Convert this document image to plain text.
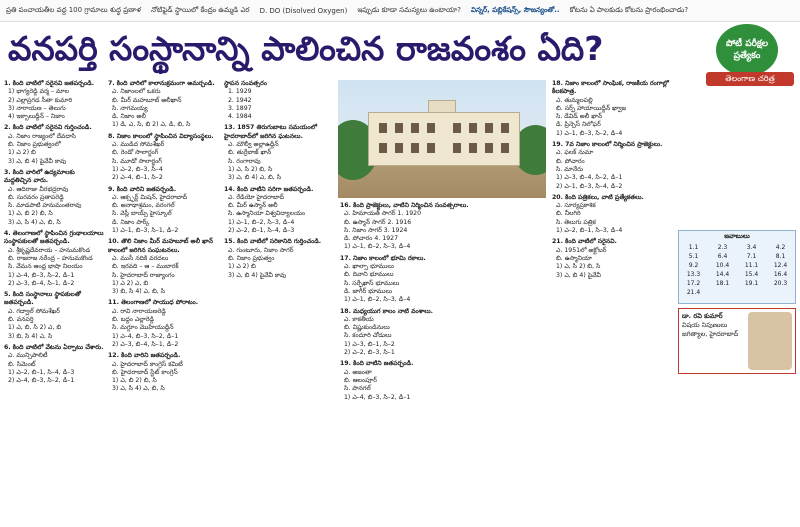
ప్రతి పంచాయతీల వద్ద 100 గ్రామాలు శుద్ధ ప్రణాళ నోటిఫైడ్ స్థాయిలో కేంద్రం ఉమ్మడి ఎర D. DO (Disolved Oxygen) ఇప్పుడు కూడా సమస్యలు ఉంటాయా? విన్నర్, పబ్లికేషన్స్, సౌజన్యంతో.. కోటను ఏ పాలకుడు కోటను ప్రారంభించాడు?
వనపర్తి సంస్థానాన్ని పాలించిన రాజవంశం ఏది?	పోటీ పరీక్షల ప్రత్యేకం
తెలంగాణ చరిత్ర
1. కింది వాటిలో సరైనవి జతపర్చండి.
1) భాగ్యరెడ్డి వర్మ – మాల
2) ఎల్లాప్రగడ సీతా కుమారి
3) నారాయణ – తెలుగు
4) ఇక్బాలుద్దీన్ – నిజాం
2. కింది వాటిలో సరైనవి గుర్తించండి.
ఎ. నిజాం రాజ్యంలో దేవదాసి
బి. నిజాం ప్రభుత్వంలో
1) ఎ 2) బి
3) ఎ, బి 4) పైవేవీ కావు
3. కింది వారిలో ఉద్యమాలకు మద్దతిచ్చిన వారు.
ఎ. ఆదిరాజు వీరభద్రరావు
బి. సురవరం ప్రతాపరెడ్డి
సి. మాడపాటి హనుమంతరావు
1) ఎ, బి 2) బి, సి
3) ఎ, సి 4) ఎ, బి, సి
4. తెలంగాణలో స్థాపించిన గ్రంథాలయాలు సంస్థాపకులతో జతపర్చండి.
ఎ. శ్రీకృష్ణదేవరాయ – హనుమకొండ
బి. రాజరాజ నరేంద్ర – హనుమకొండ
సి. వేమన ఆంధ్ర భాషా నిలయం
1) ఎ–4, బి–3, సి–2, డి–1
2) ఎ–3, బి–4, సి–1, డి–2
5. కింది సంస్థానాలు స్థాపకులతో జతపర్చండి.
ఎ. గద్వాల్ సోమశేఖర్
బి. వనపర్తి
1) ఎ, బి, సి 2) ఎ, బి
3) బి, సి 4) ఎ, సి
6. కింది వాటిలో వేటను ఏర్పాటు చేశారు.
ఎ. మున్సిపాలిటీ
బి. సిమెంట్
1) ఎ–2, బి–1, సి–4, డి–3
2) ఎ–4, బి–3, సి–2, డి–1
7. కింది వారిలో కాలానుక్రమంగా అమర్చండి.
ఎ. నిజాంలలో ఒకరు
బి. మీర్ మహబూబ్ అలీఖాన్
సి. నాగమయ్య
డి. నిజాం అలీ
1) డి, ఎ, సి, బి 2) ఎ, డి, బి, సి
8. నిజాం కాలంలో స్థాపించిన విద్యాసంస్థలు.
ఎ. ముడిద సోమశేఖర్
బి. రెండో సాలార్జంగ్
సి. మూడో సాలార్జంగ్
1) ఎ–2, బి–3, సి–4
2) ఎ–4, బి–1, సి–2
9. కింది వారిని జతపర్చండి.
ఎ. ఆక్స్ఫర్డ్ మిషన్, హైదరాబాద్
బి. అనాథాశ్రమం, వరంగల్
సి. వెస్లీ బాయ్స్ హైస్కూల్
డి. నిజాం పార్క్
1) ఎ–1, బి–3, సి–1, డి–2
10. తొలి నిజాం మీర్ మహబూబ్ అలీ ఖాన్ కాలంలో జరిగిన సంఘటనలు.
ఎ. ముసీ నదికి వరదలు
బి. ఇరవది – ఆ – ముబారక్
సి. హైదరాబాద్ రాజ్యాంగం
1) ఎ 2) ఎ, బి
3) బి, సి 4) ఎ, బి, సి
11. తెలంగాణలో సాయుధ పోరాటం.
ఎ. రావి నారాయణరెడ్డి
బి. బద్దం ఎల్లారెడ్డి
సి. మగ్దూం మొహియుద్దీన్
1) ఎ–4, బి–3, సి–2, డి–1
2) ఎ–3, బి–4, సి–1, డి–2
12. కింది వారిని జతపర్చండి.
ఎ. హైదరాబాద్ కాంగ్రెస్ కమిటీ
బి. హైదరాబాద్ స్టేట్ కాంగ్రెస్
1) ఎ, బి 2) బి, సి
3) ఎ, సి 4) ఎ, బి, సి
స్థాపన సంవత్సరం
1. 1929
2. 1942
3. 1897
4. 1984
13. 1857 తిరుగుబాటు సమయంలో హైదరాబాద్‌లో జరిగిన ఘటనలు.
ఎ. మౌల్వీ అల్లాఉద్దీన్
బి. తుర్రేబాజ్ ఖాన్
సి. రంగారావు
1) ఎ, సి 2) బి, సి
3) ఎ, బి 4) ఎ, బి, సి
14. కింది వాటిని సరిగా జతపర్చండి.
ఎ. రేడియో హైదరాబాద్
బి. మీర్ ఉస్మాన్ అలీ
సి. ఉస్మానియా విశ్వవిద్యాలయం
1) ఎ–1, బి–2, సి–3, డి–4
2) ఎ–2, బి–1, సి–4, డి–3
15. కింది వాటిలో సరికానిది గుర్తించండి.
ఎ. గుంటూరు, నిజాం సాగర్
బి. నిజాం ప్రభుత్వం
1) ఎ 2) బి
3) ఎ, బి 4) పైవేవీ కావు
16. కింది ప్రాజెక్టులు, వాటిని నిర్మించిన సంవత్సరాలు.
ఎ. హిమాయత్ సాగర్ 1. 1920
బి. ఉస్మాన్ సాగర్ 2. 1916
సి. నిజాం సాగర్ 3. 1924
డి. పోచారం 4. 1927
1) ఎ–1, బి–2, సి–3, డి–4
17. నిజాం కాలంలో భూమి రకాలు.
ఎ. ఖాల్సా భూములు
బి. దివాని భూములు
సి. సర్ఫేఖాస్ భూములు
డి. జాగీర్ భూములు
1) ఎ–1, బి–2, సి–3, డి–4
18. మధ్యయుగ కాలం నాటి వంశాలు.
ఎ. కాకతీయ
బి. విష్ణుకుండినులు
సి. కందూరి చోడులు
1) ఎ–3, బి–1, సి–2
2) ఎ–2, బి–3, సి–1
19. కింది వాటిని జతపర్చండి.
ఎ. అజంతా
బి. ఆలంపూర్
సి. పానగల్
1) ఎ–4, బి–3, సి–2, డి–1
18. నిజాం కాలంలో సాంఘిక, రాజకీయ రంగాల్లో కీలకపాత్ర.
ఎ. తుమ్మలపల్లి
బి. సర్ఫ్ హాయాయిద్దీన్ ఖ్వాజ
సి. డేవిడ్ అలీ ఖాన్
డి. ప్రిన్సెస్ నిలోఫర్
1) ఎ–1, బి–3, సి–2, డి–4
19. 7వ నిజాం కాలంలో నిర్మించిన ప్రాజెక్టులు.
ఎ. ఫలక్ నుమా
బి. పోచారం
సి. మానేరు
1) ఎ–3, బి–4, సి–2, డి–1
2) ఎ–1, బి–3, సి–4, డి–2
20. కింది పత్రికలు, వాటి ప్రత్యేకతలు.
ఎ. సూర్యప్రకాశిక
బి. నీలగిరి
సి. తెలుగు పత్రిక
1) ఎ–2, బి–1, సి–3, డి–4
21. కింది వాటిలో సరైనవి.
ఎ. 1951లో అక్టోబర్
బి. ఉస్మానియా
1) ఎ, సి 2) బి, సి
3) ఎ, బి 4) పైవేవీ
జవాబులు
1.1	2.3	3.4	4.2
5.1	6.4	7.1	8.1
9.2	10.4	11.1	12.4
13.3	14.4	15.4	16.4
17.2	18.1	19.1	20.3
21.4			
డా. రవి కుమార్
విషయ నిపుణులు
జగిత్యాల, హైదరాబాద్
